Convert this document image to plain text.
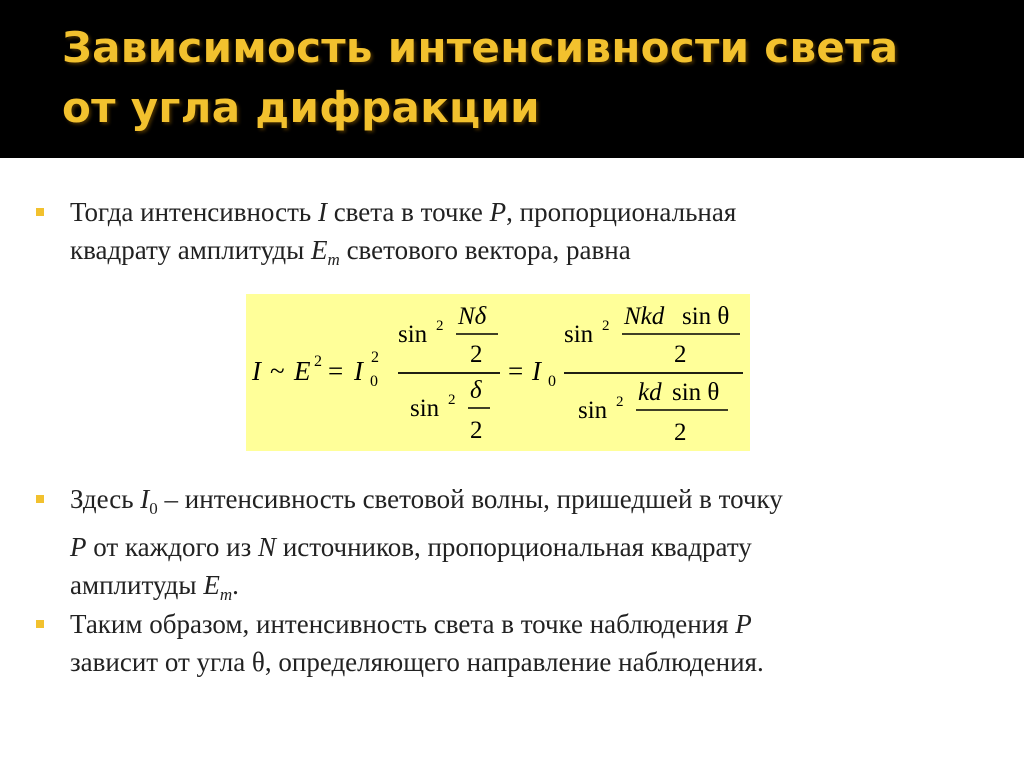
Зависимость интенсивности света
от угла дифракции
Тогда интенсивность I света в точке P, пропорциональная
квадрату амплитуды $E_m$ светового вектора, равна
Здесь $I_0$ – интенсивность световой волны, пришедшей в точку
P от каждого из N источников, пропорциональная квадрату
амплитуды $E_m$.
Таким образом, интенсивность света в точке наблюдения P
зависит от угла θ, определяющего направление наблюдения.
I ~ E 2 = I 2
0
sin 2 Nδ
2
sin 2 δ
2
= I 0
sin 2 Nkd sin θ
2
sin 2 kd sin θ
2
